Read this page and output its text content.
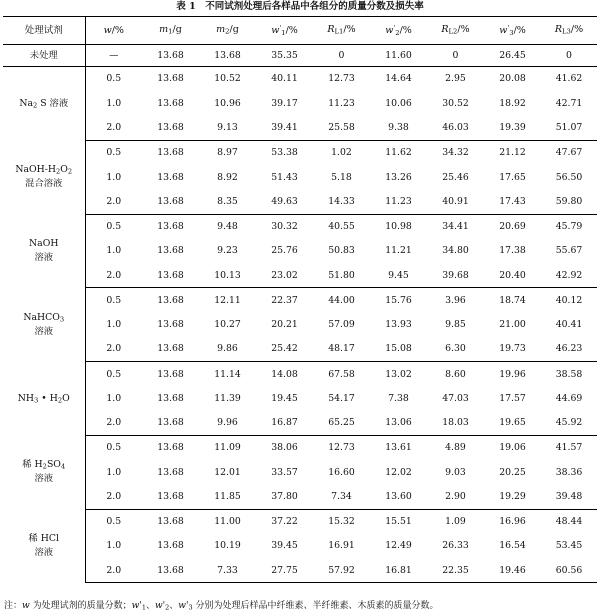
表 1　不同试剂处理后各样品中各组分的质量分数及损失率
处理试剂	w/%	$m_1/g$	$m_2/g$	$w'_1/\%$	$R_{L1}/\%$	$w'_2/\%$	$R_{L2}/\%$	$w'_3/\%$	$R_{L3}/\%$
未处理	—	13.68	13.68	35.35	0	11.60	0	26.45	0
$Na_2$ S 溶液	0.5	13.68	10.52	40.11	12.73	14.64	2.95	20.08	41.62
	1.0	13.68	10.96	39.17	11.23	10.06	30.52	18.92	42.71
	2.0	13.68	9.13	39.41	25.58	9.38	46.03	19.39	51.07
NaOH-$H_2O_2$
混合溶液	0.5	13.68	8.97	53.38	1.02	11.62	34.32	21.12	47.67
	1.0	13.68	8.92	51.43	5.18	13.26	25.46	17.65	56.50
	2.0	13.68	8.35	49.63	14.33	11.23	40.91	17.43	59.80
NaOH
溶液	0.5	13.68	9.48	30.32	40.55	10.98	34.41	20.69	45.79
	1.0	13.68	9.23	25.76	50.83	11.21	34.80	17.38	55.67
	2.0	13.68	10.13	23.02	51.80	9.45	39.68	20.40	42.92
NaHCO$_3$
溶液	0.5	13.68	12.11	22.37	44.00	15.76	3.96	18.74	40.12
	1.0	13.68	10.27	20.21	57.09	13.93	9.85	21.00	40.41
	2.0	13.68	9.86	25.42	48.17	15.08	6.30	19.73	46.23
$NH_3$ • $H_2O$	0.5	13.68	11.14	14.08	67.58	13.02	8.60	19.96	38.58
	1.0	13.68	11.39	19.45	54.17	7.38	47.03	17.57	44.69
	2.0	13.68	9.96	16.87	65.25	13.06	18.03	19.65	45.92
稀 $H_2SO_4$
溶液	0.5	13.68	11.09	38.06	12.73	13.61	4.89	19.06	41.57
	1.0	13.68	12.01	33.57	16.60	12.02	9.03	20.25	38.36
	2.0	13.68	11.85	37.80	7.34	13.60	2.90	19.29	39.48
稀 HCl
溶液	0.5	13.68	11.00	37.22	15.32	15.51	1.09	16.96	48.44
	1.0	13.68	10.19	39.45	16.91	12.49	26.33	16.54	53.45
	2.0	13.68	7.33	27.75	57.92	16.81	22.35	19.46	60.56
注：w 为处理试剂的质量分数；$w'_1$、$w'_2$、$w'_3$ 分别为处理后样品中纤维素、半纤维素、木质素的质量分数。
